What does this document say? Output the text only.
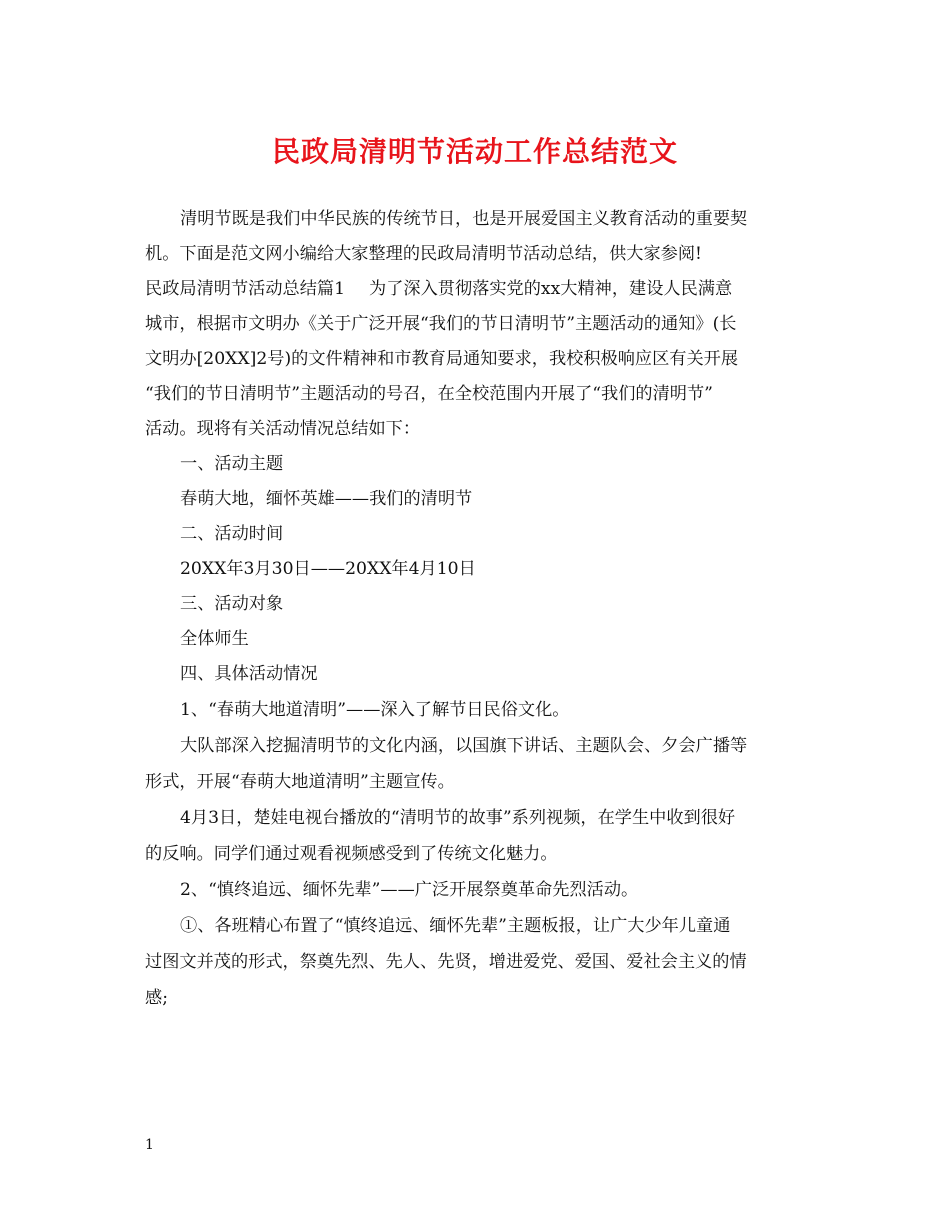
民政局清明节活动工作总结范文
清明节既是我们中华民族的传统节日，也是开展爱国主义教育活动的重要契
机。下面是范文网小编给大家整理的民政局清明节活动总结，供大家参阅!
民政局清明节活动总结篇1 为了深入贯彻落实党的xx大精神，建设人民满意
城市，根据市文明办《关于广泛开展“我们的节日清明节”主题活动的通知》(长
文明办[20XX]2号)的文件精神和市教育局通知要求，我校积极响应区有关开展
“我们的节日清明节”主题活动的号召，在全校范围内开展了“我们的清明节”
活动。现将有关活动情况总结如下：
一、活动主题
春萌大地，缅怀英雄——我们的清明节
二、活动时间
20XX年3月30日——20XX年4月10日
三、活动对象
全体师生
四、具体活动情况
1、“春萌大地道清明”——深入了解节日民俗文化。
大队部深入挖掘清明节的文化内涵，以国旗下讲话、主题队会、夕会广播等
形式，开展“春萌大地道清明”主题宣传。
4月3日，楚娃电视台播放的“清明节的故事”系列视频，在学生中收到很好
的反响。同学们通过观看视频感受到了传统文化魅力。
2、“慎终追远、缅怀先辈”——广泛开展祭奠革命先烈活动。
①、各班精心布置了“慎终追远、缅怀先辈”主题板报，让广大少年儿童通
过图文并茂的形式，祭奠先烈、先人、先贤，增进爱党、爱国、爱社会主义的情
感;
1
